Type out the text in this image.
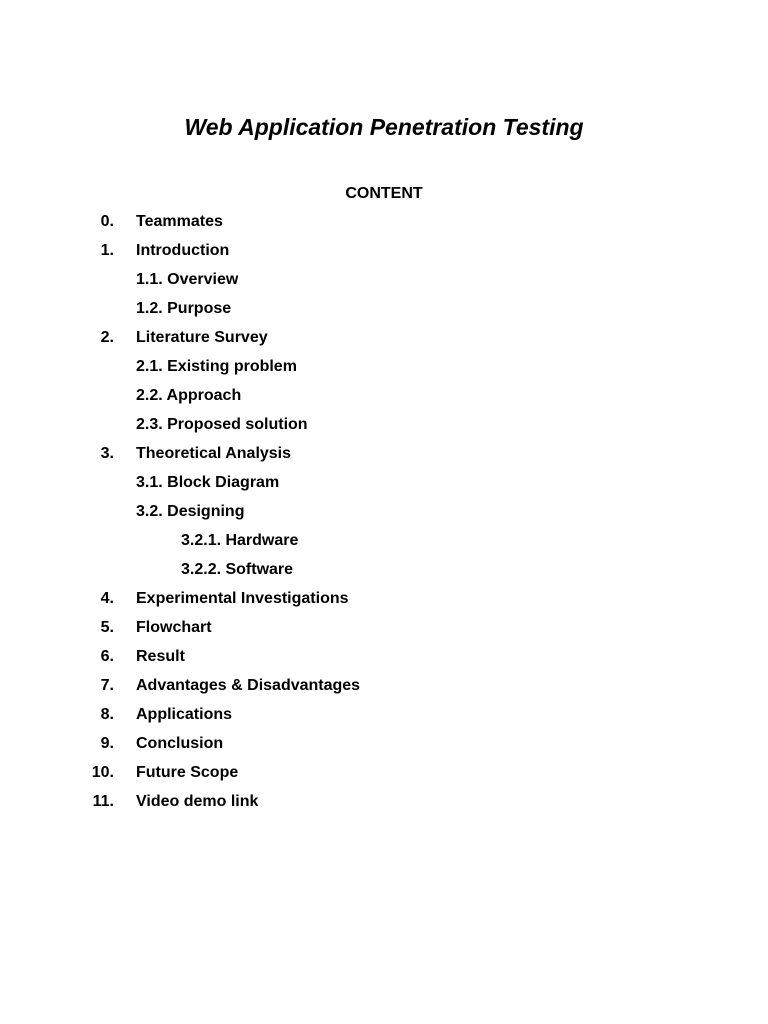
Web Application Penetration Testing
CONTENT
0. Teammates
1. Introduction
1.1. Overview
1.2. Purpose
2. Literature Survey
2.1. Existing problem
2.2. Approach
2.3. Proposed solution
3. Theoretical Analysis
3.1. Block Diagram
3.2. Designing
3.2.1. Hardware
3.2.2. Software
4. Experimental Investigations
5. Flowchart
6. Result
7. Advantages & Disadvantages
8. Applications
9. Conclusion
10. Future Scope
11. Video demo link
